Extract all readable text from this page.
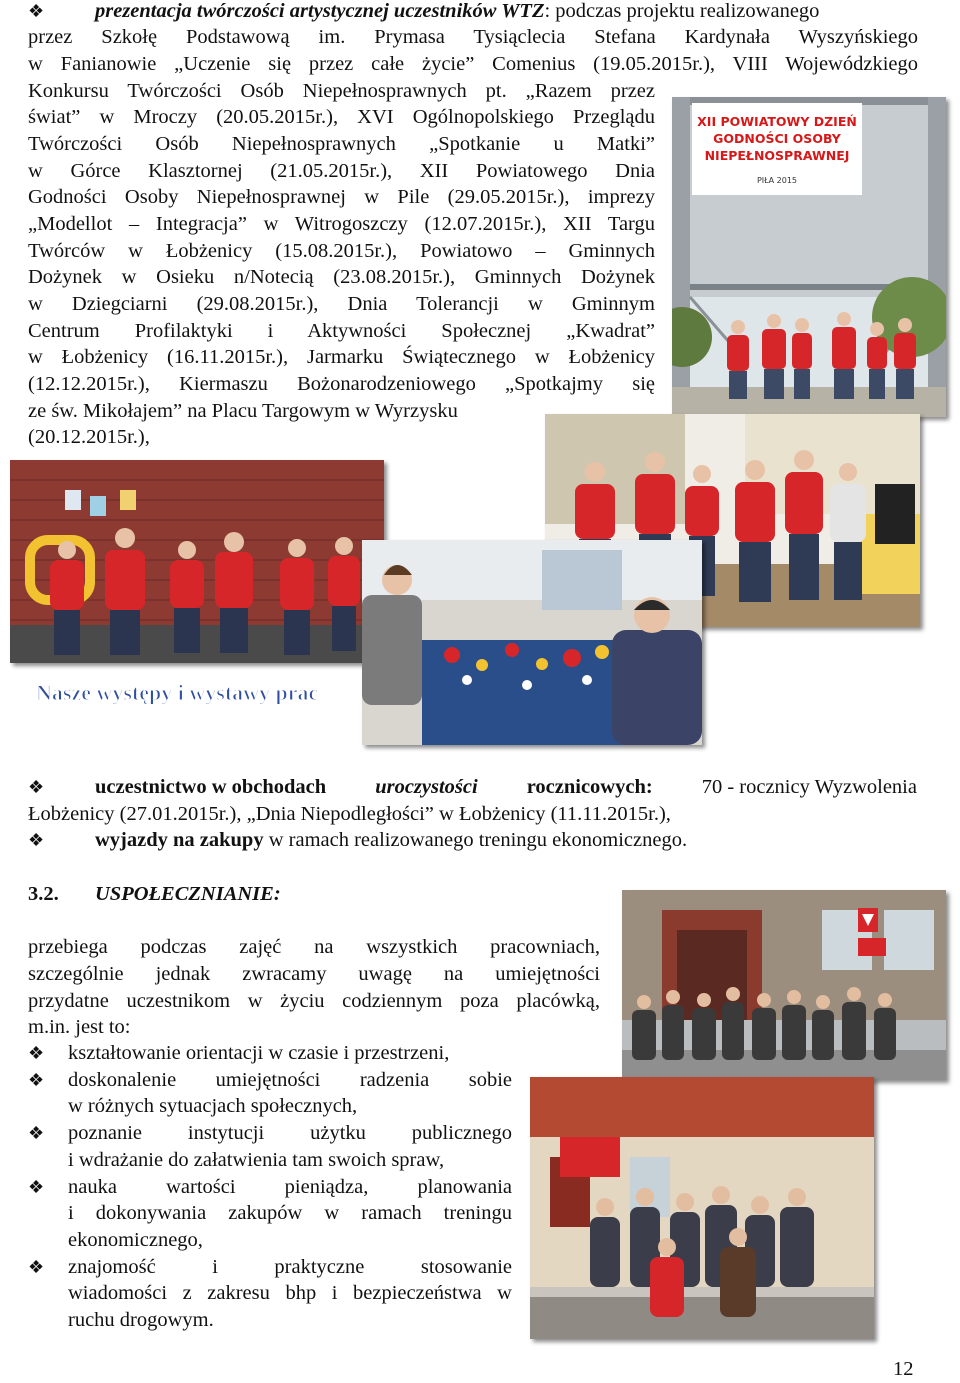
❖ prezentacja twórczości artystycznej uczestników WTZ: podczas projektu realizowanego
przez Szkołę Podstawową im. Prymasa Tysiąclecia Stefana Kardynała Wyszyńskiego
w Fanianowie „Uczenie się przez całe życie” Comenius (19.05.2015r.), VIII Wojewódzkiego
Konkursu Twórczości Osób Niepełnosprawnych pt. „Razem przez
świat” w Mroczy (20.05.2015r.), XVI Ogólnopolskiego Przeglądu
Twórczości Osób Niepełnosprawnych „Spotkanie u Matki”
w Górce Klasztornej (21.05.2015r.), XII Powiatowego Dnia
Godności Osoby Niepełnosprawnej w Pile (29.05.2015r.), imprezy
„Modellot – Integracja” w Witrogoszczy (12.07.2015r.), XII Targu
Twórców w Łobżenicy (15.08.2015r.), Powiatowo – Gminnych
Dożynek w Osieku n/Notecią (23.08.2015r.), Gminnych Dożynek
w Dziegciarni (29.08.2015r.), Dnia Tolerancji w Gminnym
Centrum Profilaktyki i Aktywności Społecznej „Kwadrat”
w Łobżenicy (16.11.2015r.), Jarmarku Świątecznego w Łobżenicy
(12.12.2015r.), Kiermaszu Bożonarodzeniowego „Spotkajmy się
ze św. Mikołajem” na Placu Targowym w Wyrzysku
(20.12.2015r.),
XII POWIATOWY DZIEŃ
GODNOŚCI OSOBY
NIEPEŁNOSPRAWNEJ
PIŁA 2015
Nasze występy i wystawy prac
❖ uczestnictwo w obchodach uroczystości rocznicowych: 70 - rocznicy Wyzwolenia
Łobżenicy (27.01.2015r.), „Dnia Niepodległości” w Łobżenicy (11.11.2015r.),
❖ wyjazdy na zakupy w ramach realizowanego treningu ekonomicznego.
3.2. USPOŁECZNIANIE:
przebiega podczas zajęć na wszystkich pracowniach,
szczególnie jednak zwracamy uwagę na umiejętności
przydatne uczestnikom w życiu codziennym poza placówką,
m.in. jest to:
❖ kształtowanie orientacji w czasie i przestrzeni,
❖ doskonalenie umiejętności radzenia sobie
w różnych sytuacjach społecznych,
❖ poznanie instytucji użytku publicznego
i wdrażanie do załatwienia tam swoich spraw,
❖ nauka wartości pieniądza, planowania
i dokonywania zakupów w ramach treningu
ekonomicznego,
❖ znajomość i praktyczne stosowanie
wiadomości z zakresu bhp i bezpieczeństwa w
ruchu drogowym.
12
